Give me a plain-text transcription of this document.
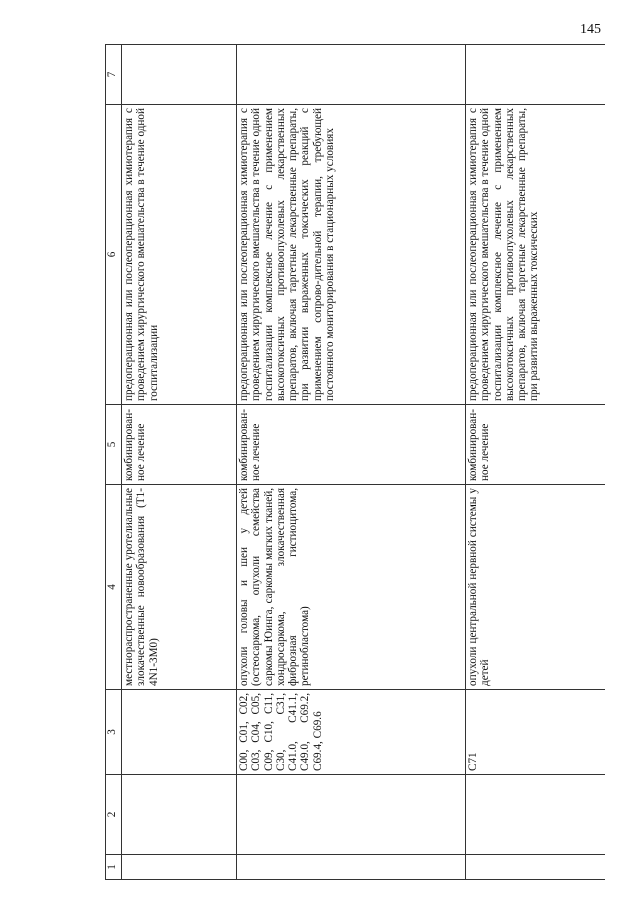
145
1	2	3	4	5	6	7
			местнораспространенные уротелиальные злокачественные новообразования (T1-4N1-3M0)	комбинирован-ное лечение	предоперационная или послеоперационная химиотерапия с проведением хирургического вмешательства в течение одной госпитализации	
		C00, C01, C02, C03, C04, C05, C09, C10, C11, C30, C31, C41.0, C41.1, C49.0, C69.2, C69.4, C69.6	опухоли головы и шеи у детей (остеосаркома, опухоли семейства саркомы Юинга, саркомы мягких тканей, хондросаркома, злокачественная фиброзная гистиоцитома, ретинобластома)	комбинирован-ное лечение	предоперационная или послеоперационная химиотерапия с проведением хирургического вмешательства в течение одной госпитализации комплексное лечение с применением высокотоксичных противоопухолевых лекарственных препаратов, включая таргетные лекарственные препараты, при развитии выраженных токсических реакций с применением сопрово-дительной терапии, требующей постоянного мониторирования в стационарных условиях	
		C71	опухоли центральной нервной системы у детей	комбинирован-ное лечение	предоперационная или послеоперационная химиотерапия с проведением хирургического вмешательства в течение одной госпитализации комплексное лечение с применением высокотоксичных противоопухолевых лекарственных препаратов, включая таргетные лекарственные препараты, при развитии выраженных токсических	
